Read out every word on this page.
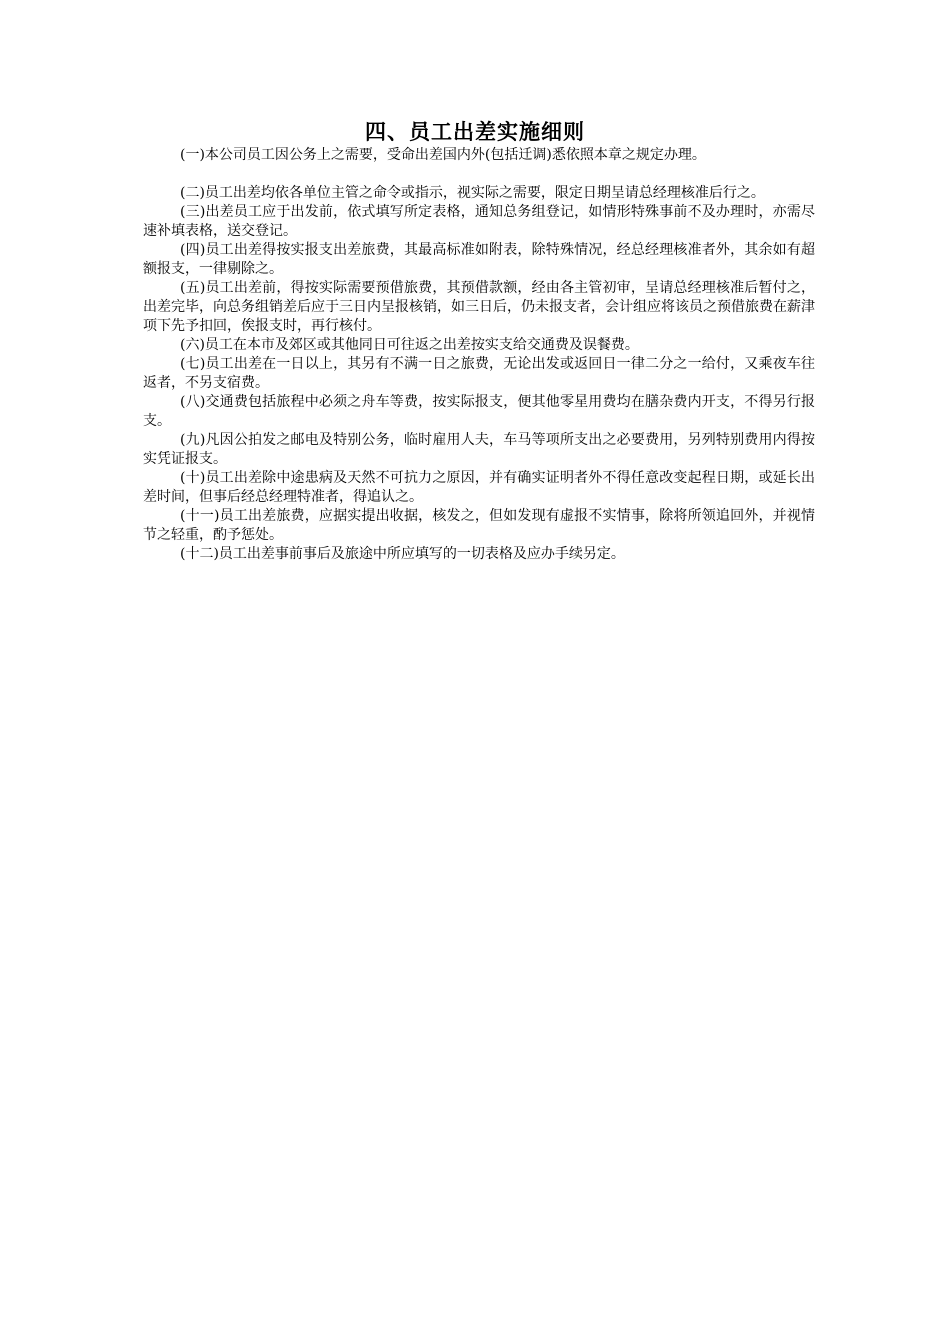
四、员工出差实施细则

(一)本公司员工因公务上之需要，受命出差国内外(包括迁调)悉依照本章之规定办理。

(二)员工出差均依各单位主管之命令或指示，视实际之需要，限定日期呈请总经理核准后行之。

(三)出差员工应于出发前，依式填写所定表格，通知总务组登记，如情形特殊事前不及办理时，亦需尽速补填表格，送交登记。

(四)员工出差得按实报支出差旅费，其最高标准如附表，除特殊情况，经总经理核准者外，其余如有超额报支，一律剔除之。

(五)员工出差前，得按实际需要预借旅费，其预借款额，经由各主管初审，呈请总经理核准后暂付之，出差完毕，向总务组销差后应于三日内呈报核销，如三日后，仍未报支者，会计组应将该员之预借旅费在薪津项下先予扣回，俟报支时，再行核付。

(六)员工在本市及郊区或其他同日可往返之出差按实支给交通费及误餐费。

(七)员工出差在一日以上，其另有不满一日之旅费，无论出发或返回日一律二分之一给付，又乘夜车往返者，不另支宿费。

(八)交通费包括旅程中必须之舟车等费，按实际报支，便其他零星用费均在膳杂费内开支，不得另行报支。

(九)凡因公拍发之邮电及特别公务，临时雇用人夫，车马等项所支出之必要费用，另列特别费用内得按实凭证报支。

(十)员工出差除中途患病及天然不可抗力之原因，并有确实证明者外不得任意改变起程日期，或延长出差时间，但事后经总经理特准者，得追认之。

(十一)员工出差旅费，应据实提出收据，核发之，但如发现有虚报不实情事，除将所领追回外，并视情节之轻重，酌予惩处。

(十二)员工出差事前事后及旅途中所应填写的一切表格及应办手续另定。
